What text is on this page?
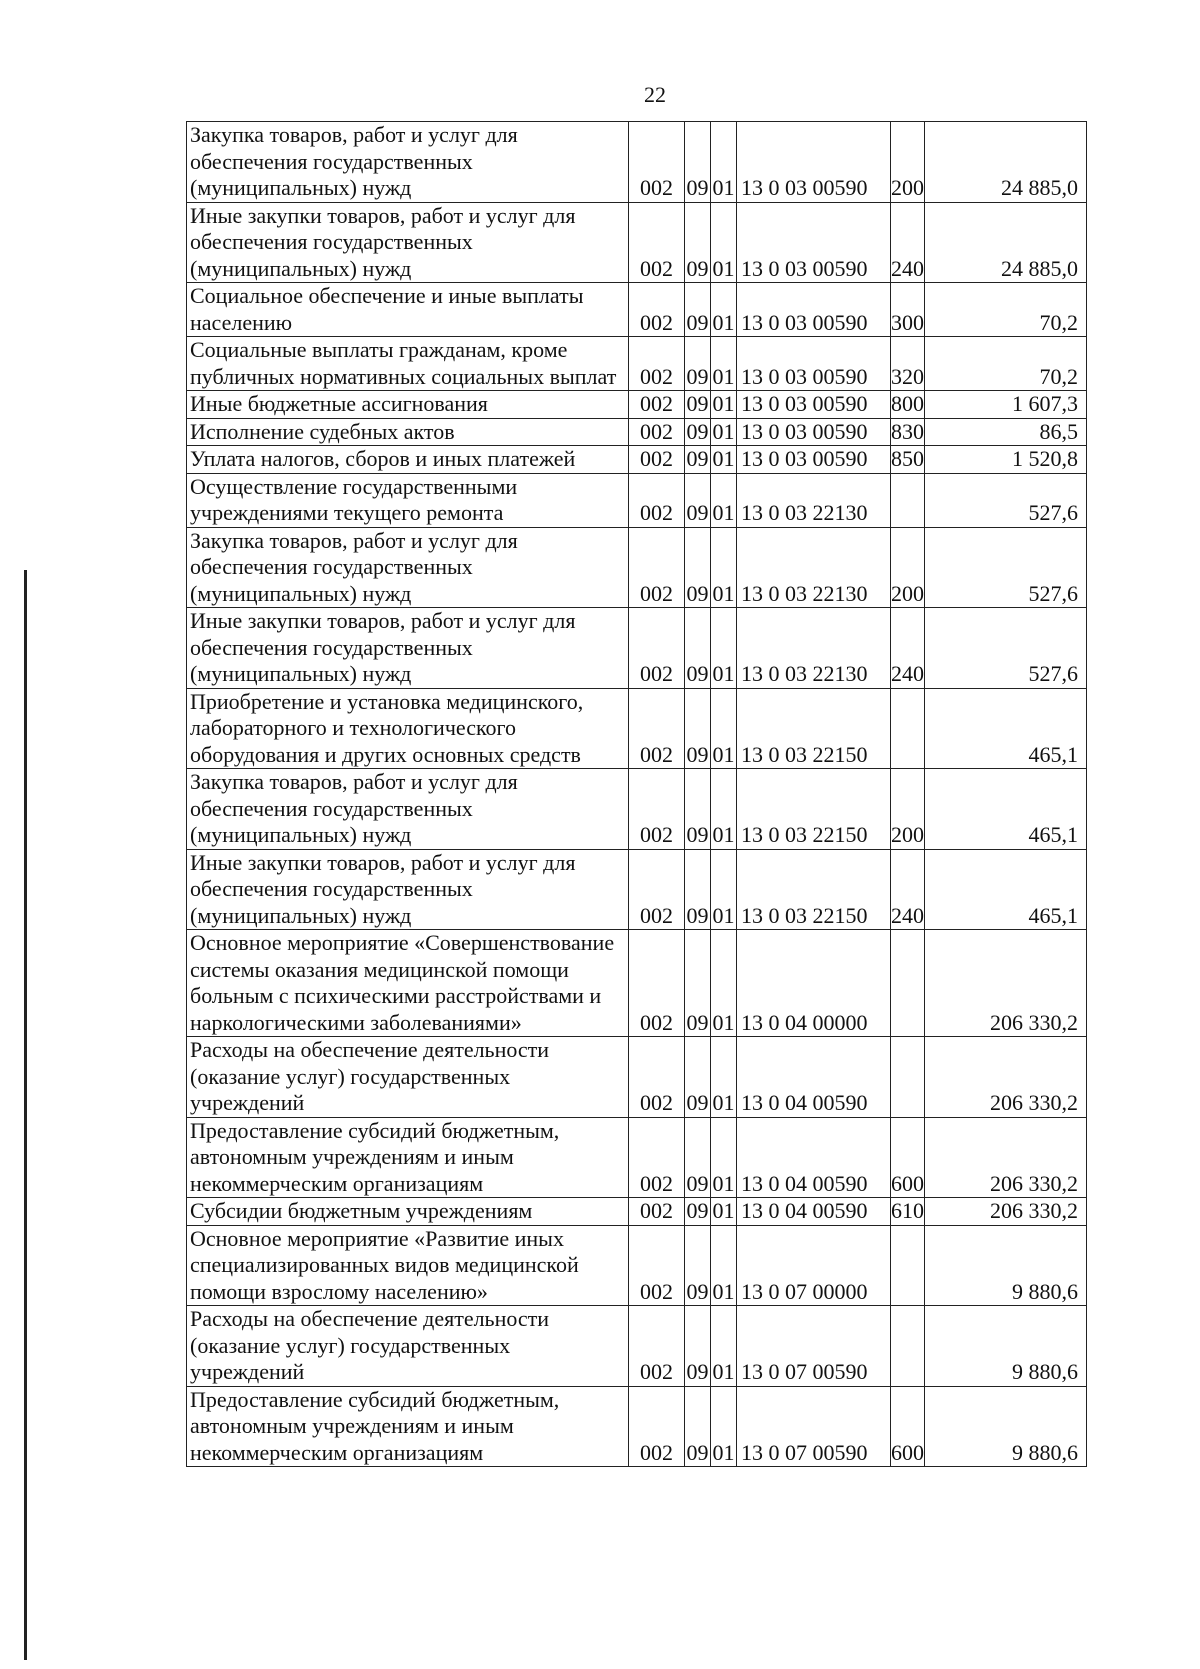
22
Закупка товаров, работ и услуг для обеспечения государственных (муниципальных) нужд	002	09	01	13 0 03 00590	200	24 885,0
Иные закупки товаров, работ и услуг для обеспечения государственных (муниципальных) нужд	002	09	01	13 0 03 00590	240	24 885,0
Социальное обеспечение и иные выплаты населению	002	09	01	13 0 03 00590	300	70,2
Социальные выплаты гражданам, кроме публичных нормативных социальных выплат	002	09	01	13 0 03 00590	320	70,2
Иные бюджетные ассигнования	002	09	01	13 0 03 00590	800	1 607,3
Исполнение судебных актов	002	09	01	13 0 03 00590	830	86,5
Уплата налогов, сборов и иных платежей	002	09	01	13 0 03 00590	850	1 520,8
Осуществление государственными учреждениями текущего ремонта	002	09	01	13 0 03 22130		527,6
Закупка товаров, работ и услуг для обеспечения государственных (муниципальных) нужд	002	09	01	13 0 03 22130	200	527,6
Иные закупки товаров, работ и услуг для обеспечения государственных (муниципальных) нужд	002	09	01	13 0 03 22130	240	527,6
Приобретение и установка медицинского, лабораторного и технологического оборудования и других основных средств	002	09	01	13 0 03 22150		465,1
Закупка товаров, работ и услуг для обеспечения государственных (муниципальных) нужд	002	09	01	13 0 03 22150	200	465,1
Иные закупки товаров, работ и услуг для обеспечения государственных (муниципальных) нужд	002	09	01	13 0 03 22150	240	465,1
Основное мероприятие «Совершенствование системы оказания медицинской помощи больным с психическими расстройствами и наркологическими заболеваниями»	002	09	01	13 0 04 00000		206 330,2
Расходы на обеспечение деятельности (оказание услуг) государственных учреждений	002	09	01	13 0 04 00590		206 330,2
Предоставление субсидий бюджетным, автономным учреждениям и иным некоммерческим организациям	002	09	01	13 0 04 00590	600	206 330,2
Субсидии бюджетным учреждениям	002	09	01	13 0 04 00590	610	206 330,2
Основное мероприятие «Развитие иных специализированных видов медицинской помощи взрослому населению»	002	09	01	13 0 07 00000		9 880,6
Расходы на обеспечение деятельности (оказание услуг) государственных учреждений	002	09	01	13 0 07 00590		9 880,6
Предоставление субсидий бюджетным, автономным учреждениям и иным некоммерческим организациям	002	09	01	13 0 07 00590	600	9 880,6
